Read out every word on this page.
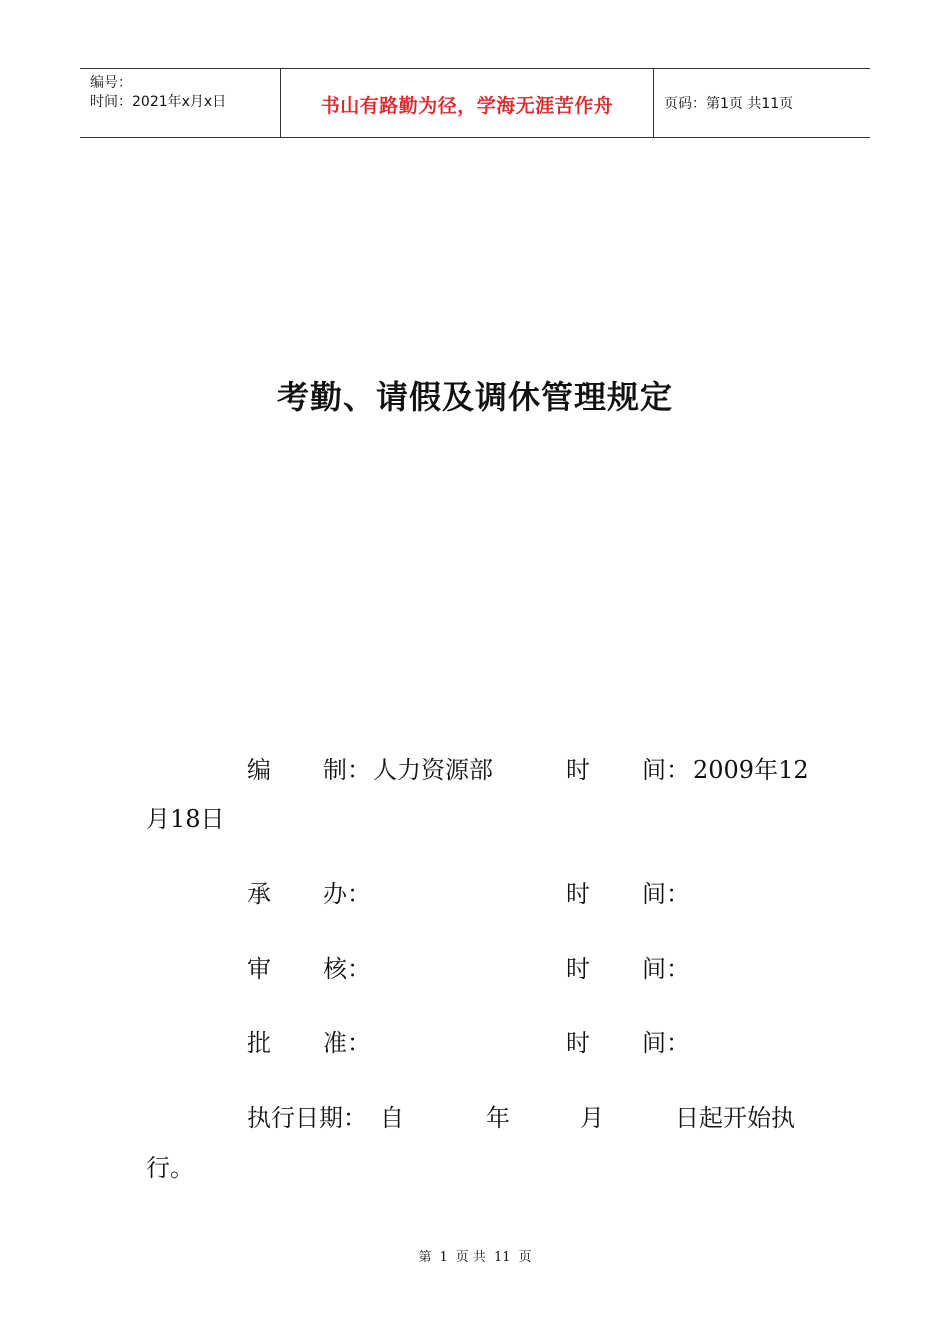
编号：
时间：2021年x月x日	书山有路勤为径，学海无涯苦作舟	页码：第1页 共11页
考勤、请假及调休管理规定
编 制： 人力资源部	时 间： 2009年12
月18日
承 办：	时 间：
审 核：	时 间：
批 准：	时 间：
执行日期： 自	年	月	日起开始执
行。
第 1 页 共 11 页
